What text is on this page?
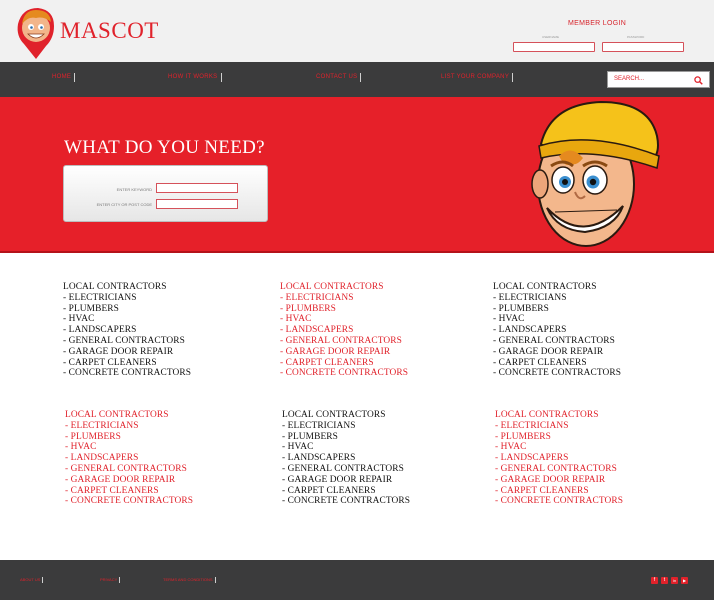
MASCOT	MEMBER LOGIN
USERNAME	PASSWORD
HOME	HOW IT WORKS	CONTACT US	LIST YOUR COMPANY	SEARCH...
WHAT DO YOU NEED?
ENTER KEYWORD
ENTER CITY OR POST CODE
LOCAL CONTRACTORS
- ELECTRICIANS
- PLUMBERS
- HVAC
- LANDSCAPERS
- GENERAL CONTRACTORS
- GARAGE DOOR REPAIR
- CARPET CLEANERS
- CONCRETE CONTRACTORS
LOCAL CONTRACTORS
- ELECTRICIANS
- PLUMBERS
- HVAC
- LANDSCAPERS
- GENERAL CONTRACTORS
- GARAGE DOOR REPAIR
- CARPET CLEANERS
- CONCRETE CONTRACTORS
LOCAL CONTRACTORS
- ELECTRICIANS
- PLUMBERS
- HVAC
- LANDSCAPERS
- GENERAL CONTRACTORS
- GARAGE DOOR REPAIR
- CARPET CLEANERS
- CONCRETE CONTRACTORS
LOCAL CONTRACTORS
- ELECTRICIANS
- PLUMBERS
- HVAC
- LANDSCAPERS
- GENERAL CONTRACTORS
- GARAGE DOOR REPAIR
- CARPET CLEANERS
- CONCRETE CONTRACTORS
LOCAL CONTRACTORS
- ELECTRICIANS
- PLUMBERS
- HVAC
- LANDSCAPERS
- GENERAL CONTRACTORS
- GARAGE DOOR REPAIR
- CARPET CLEANERS
- CONCRETE CONTRACTORS
LOCAL CONTRACTORS
- ELECTRICIANS
- PLUMBERS
- HVAC
- LANDSCAPERS
- GENERAL CONTRACTORS
- GARAGE DOOR REPAIR
- CARPET CLEANERS
- CONCRETE CONTRACTORS
ABOUT US	PRIVACY	TERMS AND CONDITIONS	f	t	in	▶
